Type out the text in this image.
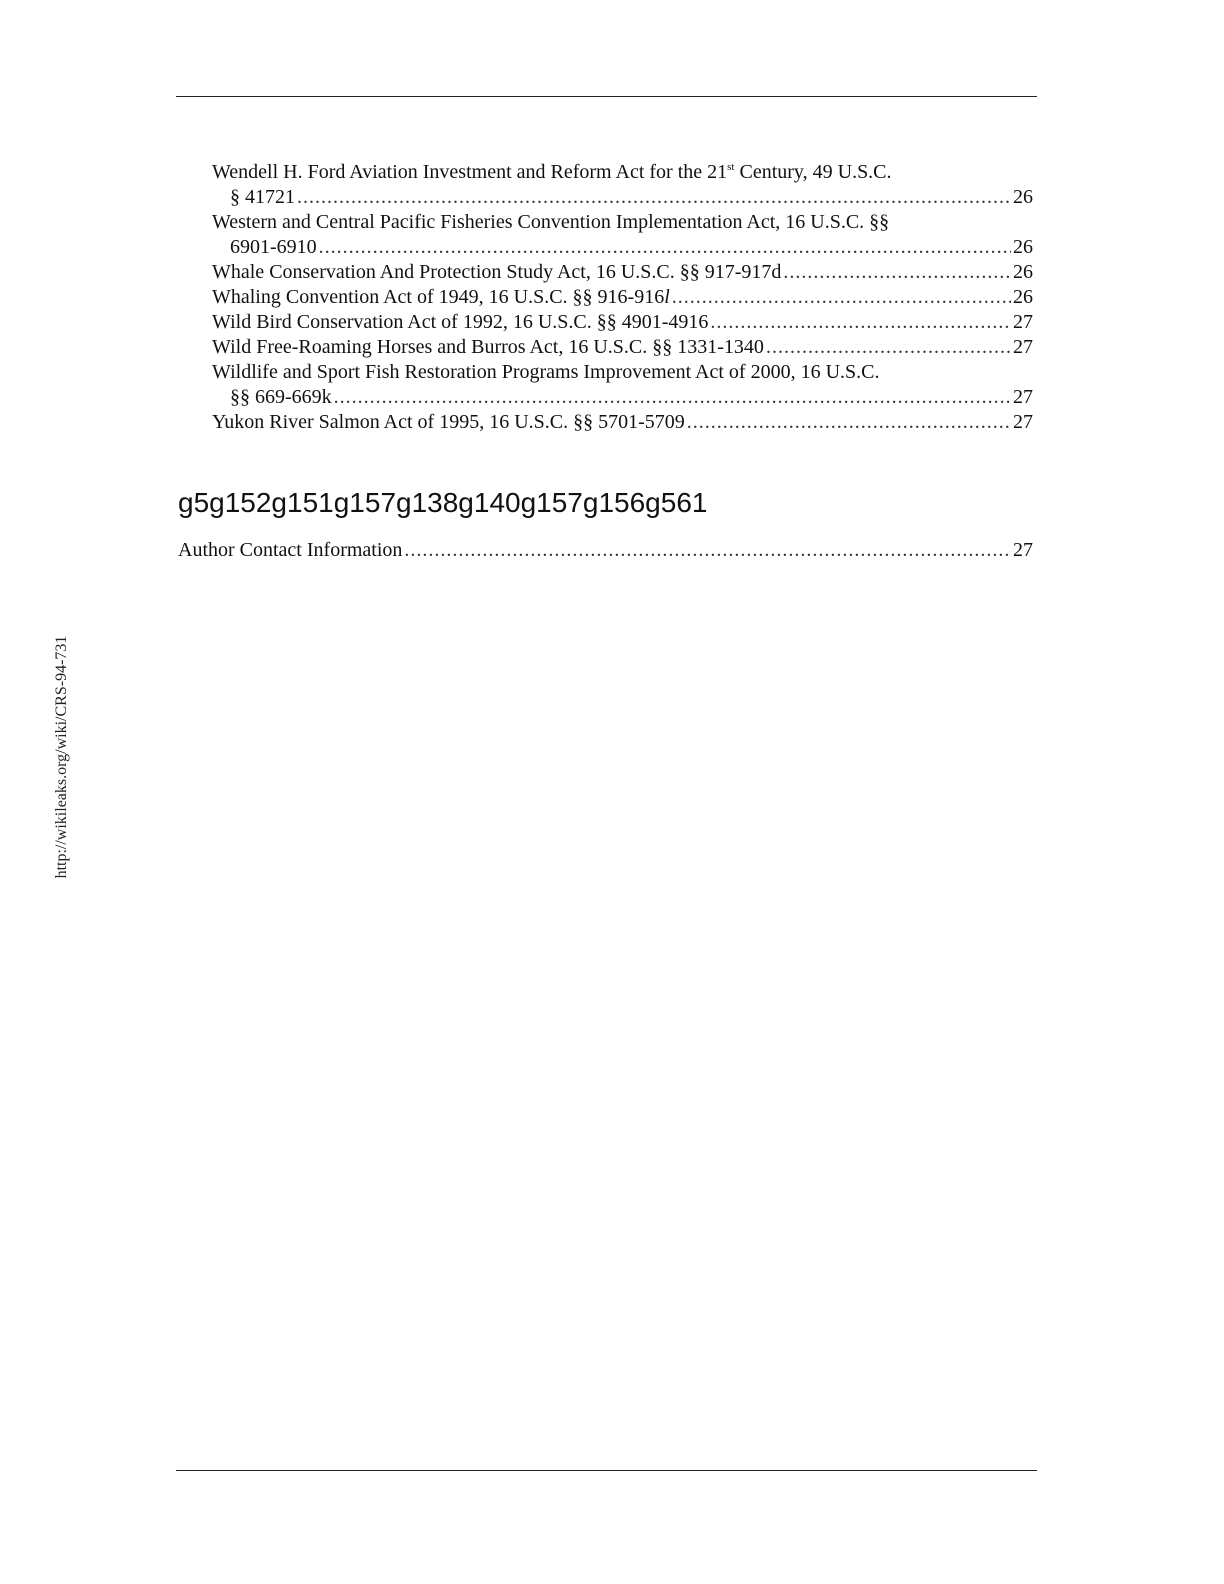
http://wikileaks.org/wiki/CRS-94-731
Wendell H. Ford Aviation Investment and Reform Act for the 21st Century, 49 U.S.C.
§ 41721 .....	26
Western and Central Pacific Fisheries Convention Implementation Act, 16 U.S.C. §§
6901-6910 .....	26
Whale Conservation And Protection Study Act, 16 U.S.C. §§ 917-917d .....	26
Whaling Convention Act of 1949, 16 U.S.C. §§ 916-916l .....	26
Wild Bird Conservation Act of 1992, 16 U.S.C. §§ 4901-4916 .....	27
Wild Free-Roaming Horses and Burros Act, 16 U.S.C. §§ 1331-1340 .....	27
Wildlife and Sport Fish Restoration Programs Improvement Act of 2000, 16 U.S.C.
§§ 669-669k .....	27
Yukon River Salmon Act of 1995, 16 U.S.C. §§ 5701-5709 .....	27
g5g152g151g157g138g140g157g156g561
Author Contact Information .....	27
